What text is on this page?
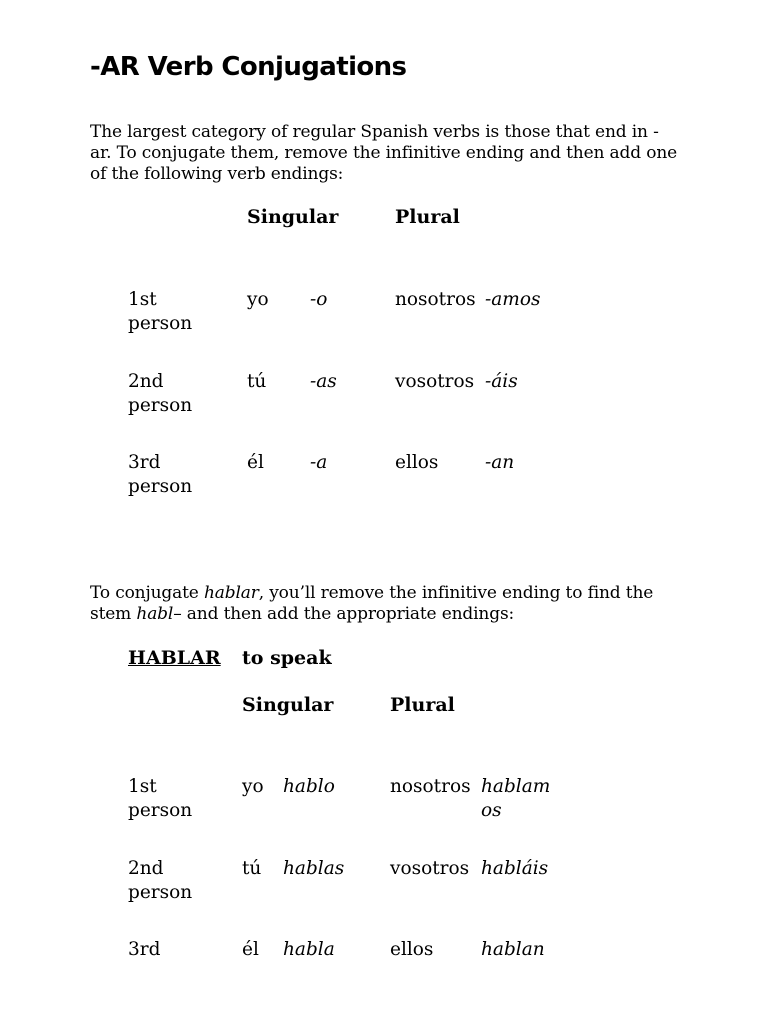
-AR Verb Conjugations
The largest category of regular Spanish verbs is those that end in -ar. To conjugate them, remove the infinitive ending and then add one of the following verb endings:
Singular	Plural
1st person
yo -o	nosotros -amos
2nd person
tú -as	vosotros -áis
3rd person
él -a	ellos	-an
To conjugate hablar, you’ll remove the infinitive ending to find the stem habl– and then add the appropriate endings:
HABLAR to speak
Singular	Plural
1st person
yo hablo	nosotros hablamos
2nd person
tú hablas vosotros habláis
3rd	él habla	ellos	hablan
